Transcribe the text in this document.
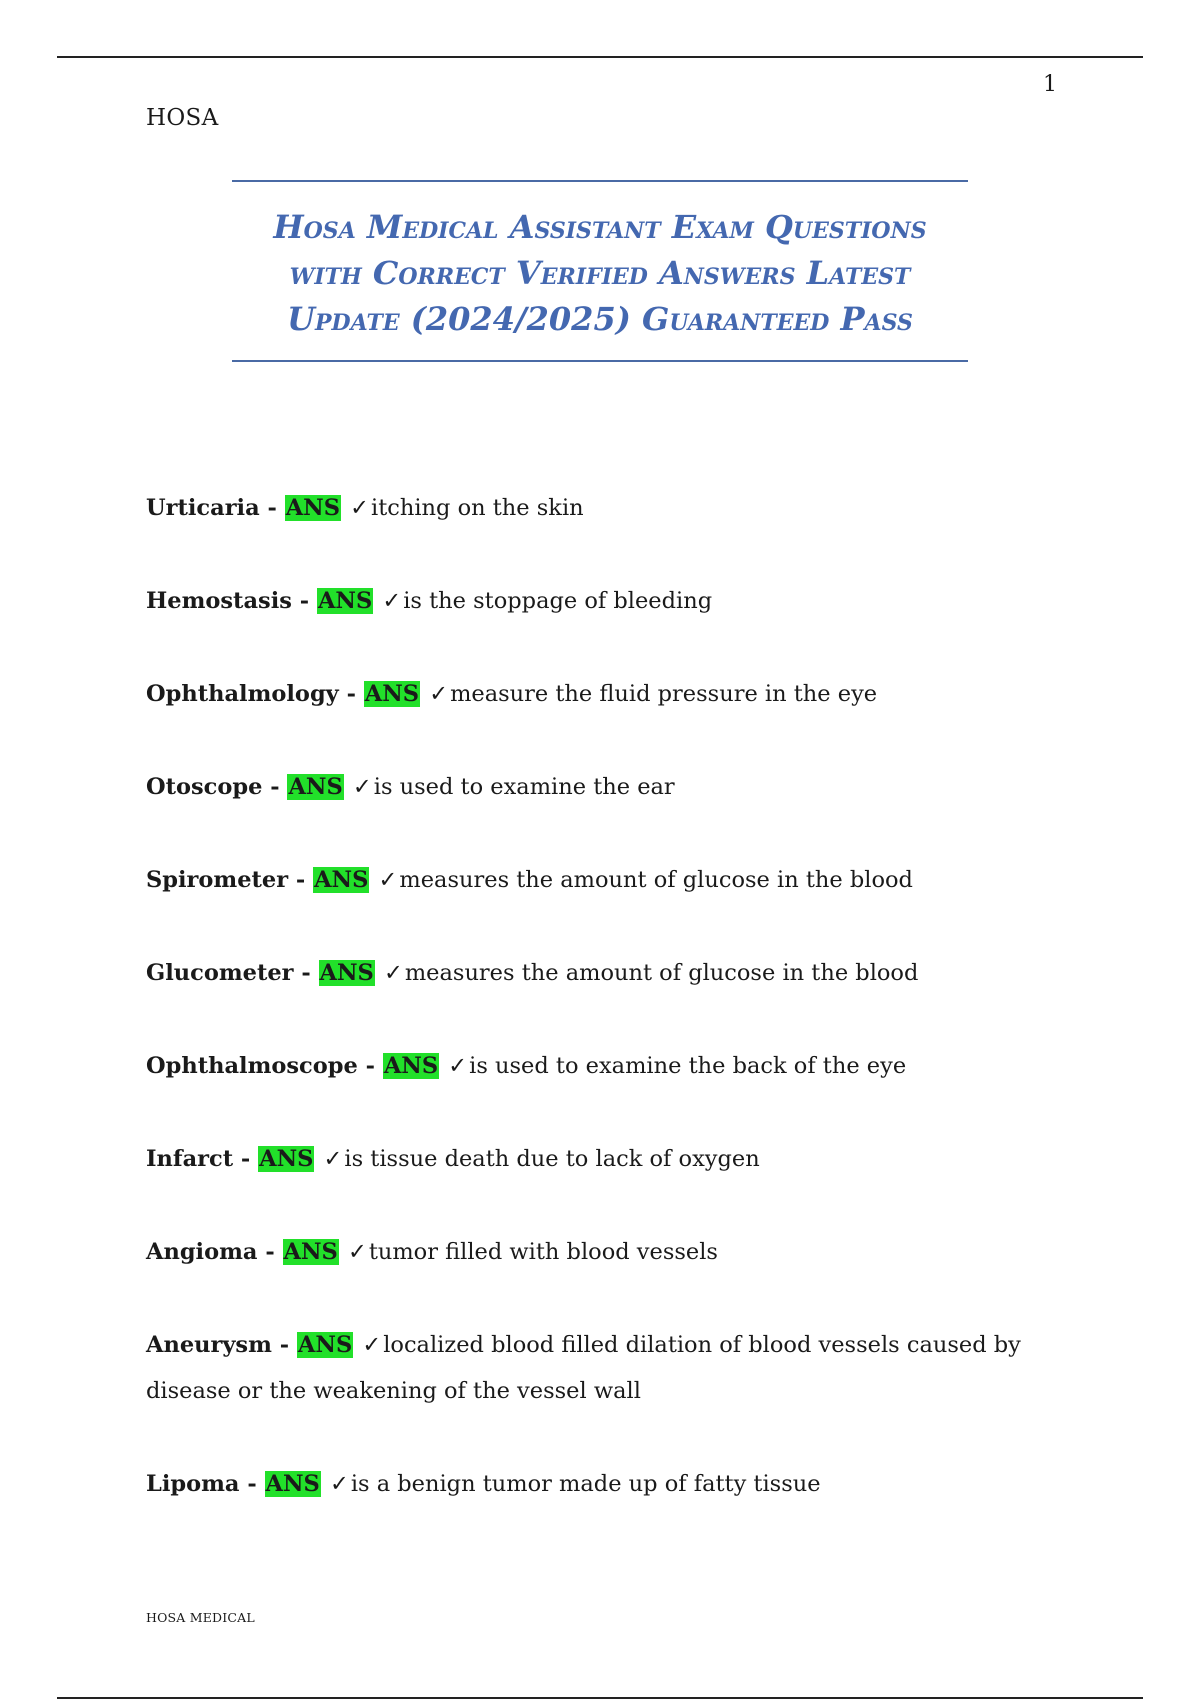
1
HOSA
Hosa Medical Assistant Exam Questions
with Correct Verified Answers Latest
Update (2024/2025) Guaranteed Pass
Urticaria - ANS ✓itching on the skin
Hemostasis - ANS ✓is the stoppage of bleeding
Ophthalmology - ANS ✓measure the fluid pressure in the eye
Otoscope - ANS ✓is used to examine the ear
Spirometer - ANS ✓measures the amount of glucose in the blood
Glucometer - ANS ✓measures the amount of glucose in the blood
Ophthalmoscope - ANS ✓is used to examine the back of the eye
Infarct - ANS ✓is tissue death due to lack of oxygen
Angioma - ANS ✓tumor filled with blood vessels
Aneurysm - ANS ✓localized blood filled dilation of blood vessels caused by disease or the weakening of the vessel wall
Lipoma - ANS ✓is a benign tumor made up of fatty tissue
HOSA MEDICAL
